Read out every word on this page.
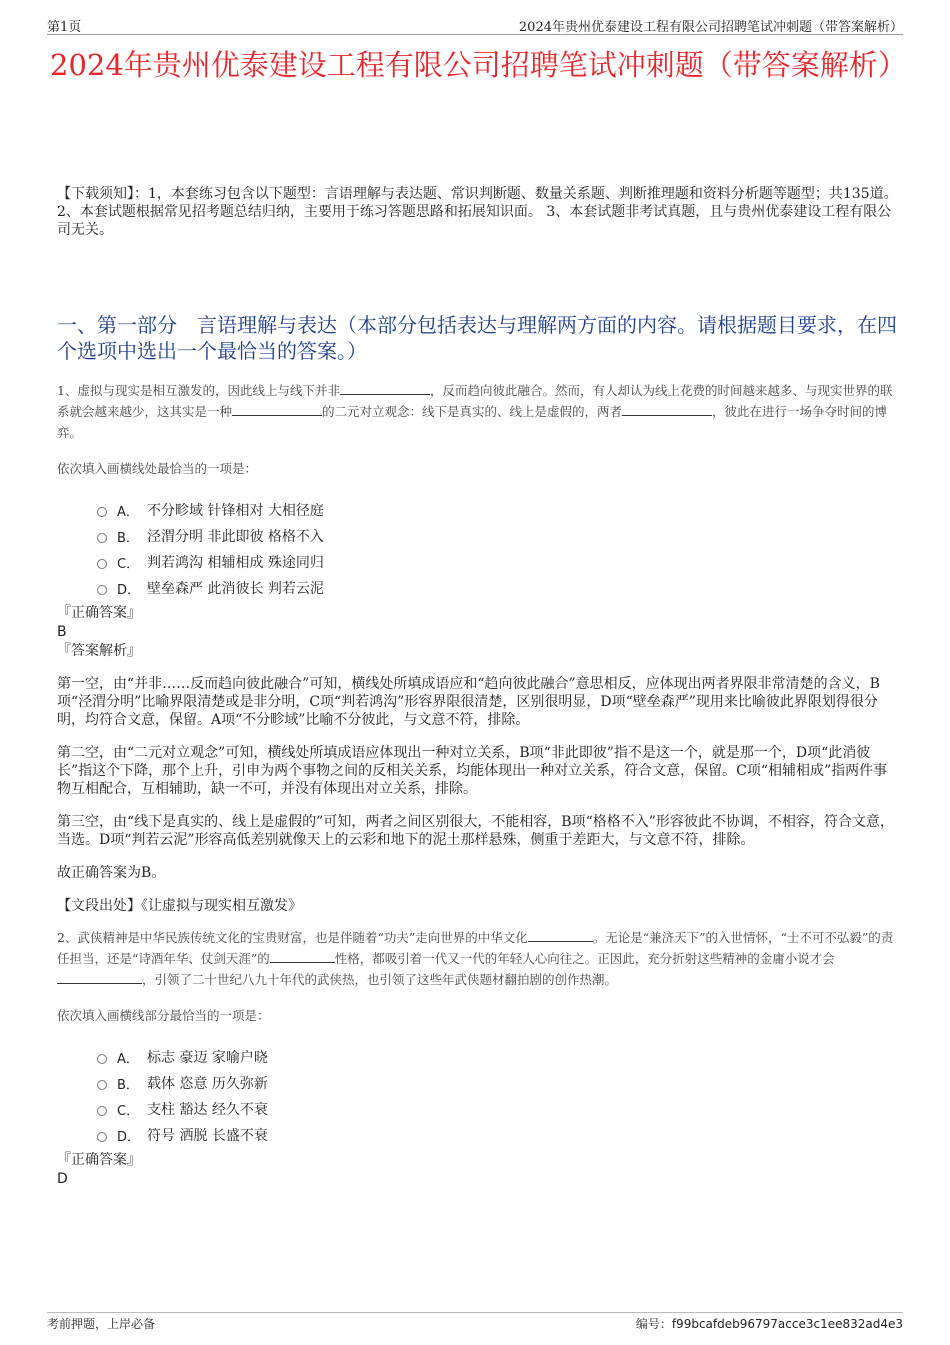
第1页	2024年贵州优泰建设工程有限公司招聘笔试冲刺题（带答案解析）
2024年贵州优泰建设工程有限公司招聘笔试冲刺题（带答案解析）
【下载须知】：1，本套练习包含以下题型：言语理解与表达题、常识判断题、数量关系题、判断推理题和资料分析题等题型；共135道。 2、本套试题根据常见招考题总结归纳，主要用于练习答题思路和拓展知识面。 3、本套试题非考试真题，且与贵州优泰建设工程有限公司无关。
一、第一部分　言语理解与表达（本部分包括表达与理解两方面的内容。请根据题目要求，在四个选项中选出一个最恰当的答案。）
1、虚拟与现实是相互激发的，因此线上与线下并非	，反而趋向彼此融合。然而，有人却认为线上花费的时间越来越多、与现实世界的联系就会越来越少，这其实是一种	的二元对立观念：线下是真实的、线上是虚假的，两者	，彼此在进行一场争夺时间的博弈。
依次填入画横线处最恰当的一项是：
A． 不分畛域 针锋相对 大相径庭
B． 泾渭分明 非此即彼 格格不入
C． 判若鸿沟 相辅相成 殊途同归
D． 壁垒森严 此消彼长 判若云泥
『正确答案』
B
『答案解析』

第一空，由“并非……反而趋向彼此融合”可知，横线处所填成语应和“趋向彼此融合”意思相反，应体现出两者界限非常清楚的含义，B项“泾渭分明”比喻界限清楚或是非分明，C项“判若鸿沟”形容界限很清楚，区别很明显，D项“壁垒森严”现用来比喻彼此界限划得很分明，均符合文意，保留。A项“不分畛域”比喻不分彼此，与文意不符，排除。

第二空，由“二元对立观念”可知，横线处所填成语应体现出一种对立关系，B项“非此即彼”指不是这一个，就是那一个，D项“此消彼长”指这个下降，那个上升，引申为两个事物之间的反相关关系，均能体现出一种对立关系，符合文意，保留。C项“相辅相成”指两件事物互相配合，互相辅助，缺一不可，并没有体现出对立关系，排除。

第三空，由“线下是真实的、线上是虚假的”可知，两者之间区别很大，不能相容，B项“格格不入”形容彼此不协调，不相容，符合文意，当选。D项“判若云泥”形容高低差别就像天上的云彩和地下的泥土那样悬殊，侧重于差距大，与文意不符，排除。

故正确答案为B。

【文段出处】《让虚拟与现实相互激发》

2、武侠精神是中华民族传统文化的宝贵财富，也是伴随着“功夫”走向世界的中华文化	。无论是“兼济天下”的入世情怀，“士不可不弘毅”的责任担当，还是“诗酒年华、仗剑天涯”的	性格，都吸引着一代又一代的年轻人心向往之。正因此，充分折射这些精神的金庸小说才会，引领了二十世纪八九十年代的武侠热，也引领了这些年武侠题材翻拍剧的创作热潮。
依次填入画横线部分最恰当的一项是：
A． 标志 豪迈 家喻户晓
B． 载体 恣意 历久弥新
C． 支柱 豁达 经久不衰
D． 符号 洒脱 长盛不衰
『正确答案』
D
考前押题，上岸必备	编号：f99bcafdeb96797acce3c1ee832ad4e3
